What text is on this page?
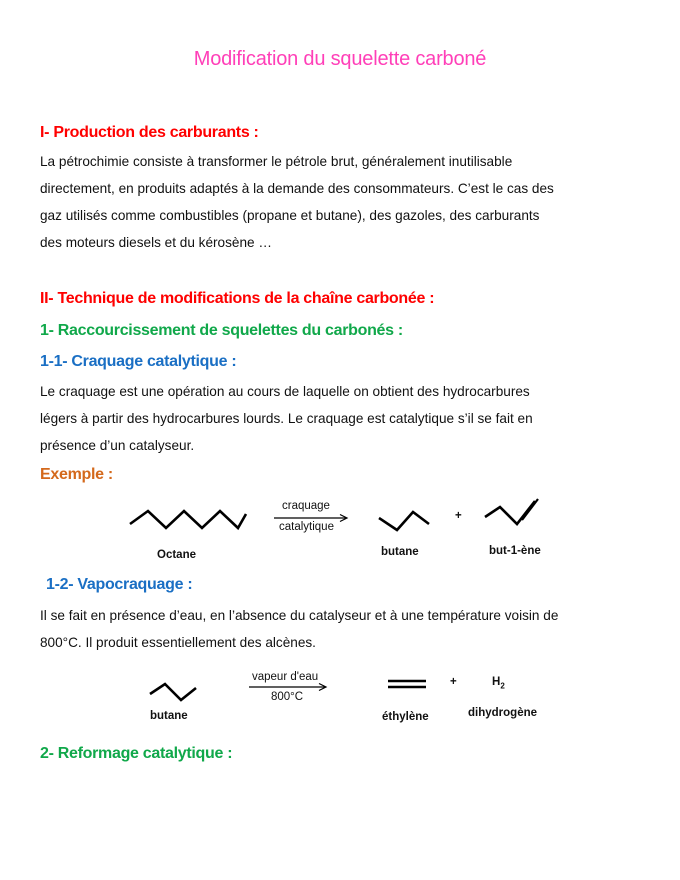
Modification du squelette carboné
I- Production des carburants :
La pétrochimie consiste à transformer le pétrole brut, généralement inutilisable
directement, en produits adaptés à la demande des consommateurs. C’est le cas des
gaz utilisés comme combustibles (propane et butane), des gazoles, des carburants
des moteurs diesels et du kérosène …
II- Technique de modifications de la chaîne carbonée :
1- Raccourcissement de squelettes du carbonés :
1-1- Craquage catalytique :
Le craquage est une opération au cours de laquelle on obtient des hydrocarbures
légers à partir des hydrocarbures lourds. Le craquage est catalytique s’il se fait en
présence d’un catalyseur.
Exemple :
Octane
craquage
catalytique
butane
+
but-1-ène
1-2- Vapocraquage :
Il se fait en présence d’eau, en l’absence du catalyseur et à une température voisin de
800°C. Il produit essentiellement des alcènes.
butane
vapeur d'eau
800°C
éthylène
+	$H_2$
dihydrogène
2- Reformage catalytique :
